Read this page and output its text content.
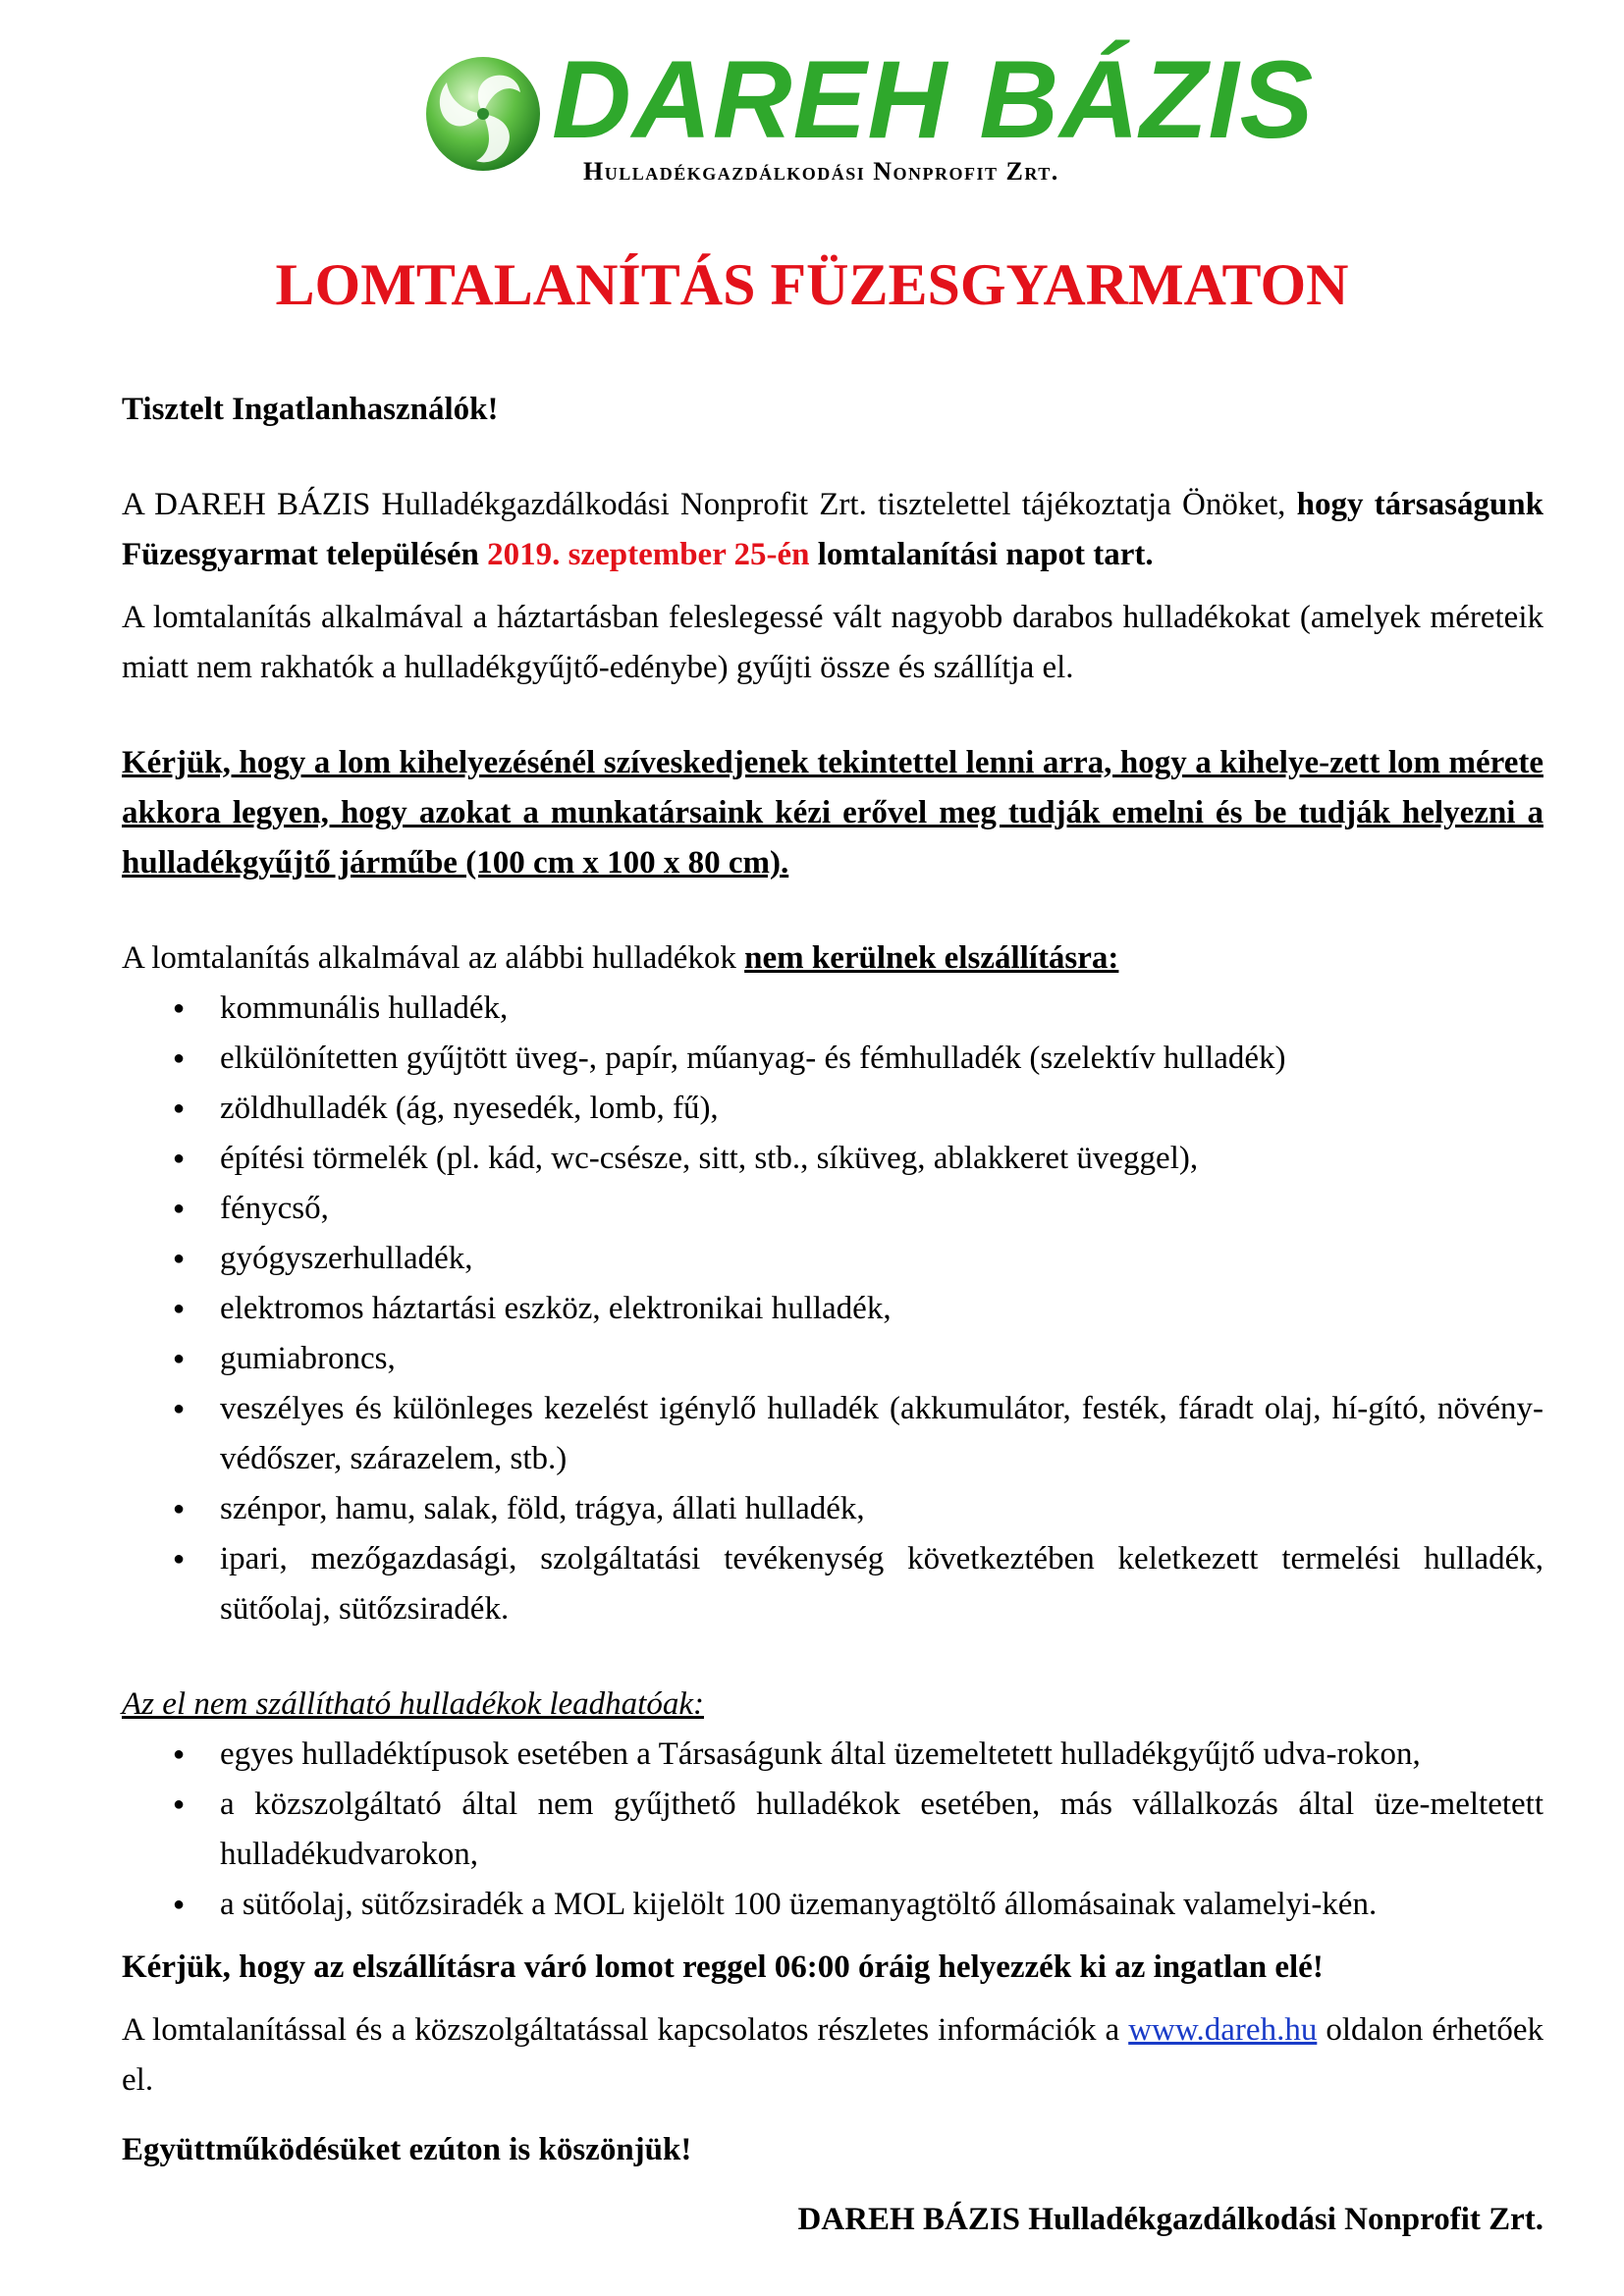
DAREH BÁZIS
Hulladékgazdálkodási Nonprofit Zrt.
LOMTALANÍTÁS FÜZESGYARMATON

Tisztelt Ingatlanhasználók!

A DAREH BÁZIS Hulladékgazdálkodási Nonprofit Zrt. tisztelettel tájékoztatja Önöket, hogy társaságunk Füzesgyarmat településén 2019. szeptember 25-én lomtalanítási napot tart.

A lomtalanítás alkalmával a háztartásban feleslegessé vált nagyobb darabos hulladékokat (amelyek méreteik miatt nem rakhatók a hulladékgyűjtő-edénybe) gyűjti össze és szállítja el.

Kérjük, hogy a lom kihelyezésénél szíveskedjenek tekintettel lenni arra, hogy a kihelye-zett lom mérete akkora legyen, hogy azokat a munkatársaink kézi erővel meg tudják emelni és be tudják helyezni a hulladékgyűjtő járműbe (100 cm x 100 x 80 cm).

A lomtalanítás alkalmával az alábbi hulladékok nem kerülnek elszállításra:

● kommunális hulladék,
● elkülönítetten gyűjtött üveg-, papír, műanyag- és fémhulladék (szelektív hulladék)
● zöldhulladék (ág, nyesedék, lomb, fű),
● építési törmelék (pl. kád, wc-csésze, sitt, stb., síküveg, ablakkeret üveggel),
● fénycső,
● gyógyszerhulladék,
● elektromos háztartási eszköz, elektronikai hulladék,
● gumiabroncs,
● veszélyes és különleges kezelést igénylő hulladék (akkumulátor, festék, fáradt olaj, hí-gító, növény-védőszer, szárazelem, stb.)
● szénpor, hamu, salak, föld, trágya, állati hulladék,
● ipari, mezőgazdasági, szolgáltatási tevékenység következtében keletkezett termelési hulladék, sütőolaj, sütőzsiradék.

Az el nem szállítható hulladékok leadhatóak:

● egyes hulladéktípusok esetében a Társaságunk által üzemeltetett hulladékgyűjtő udva-rokon,
● a közszolgáltató által nem gyűjthető hulladékok esetében, más vállalkozás által üze-meltetett hulladékudvarokon,
● a sütőolaj, sütőzsiradék a MOL kijelölt 100 üzemanyagtöltő állomásainak valamelyi-kén.

Kérjük, hogy az elszállításra váró lomot reggel 06:00 óráig helyezzék ki az ingatlan elé!

A lomtalanítással és a közszolgáltatással kapcsolatos részletes információk a www.dareh.hu oldalon érhetőek el.

Együttműködésüket ezúton is köszönjük!

DAREH BÁZIS Hulladékgazdálkodási Nonprofit Zrt.
